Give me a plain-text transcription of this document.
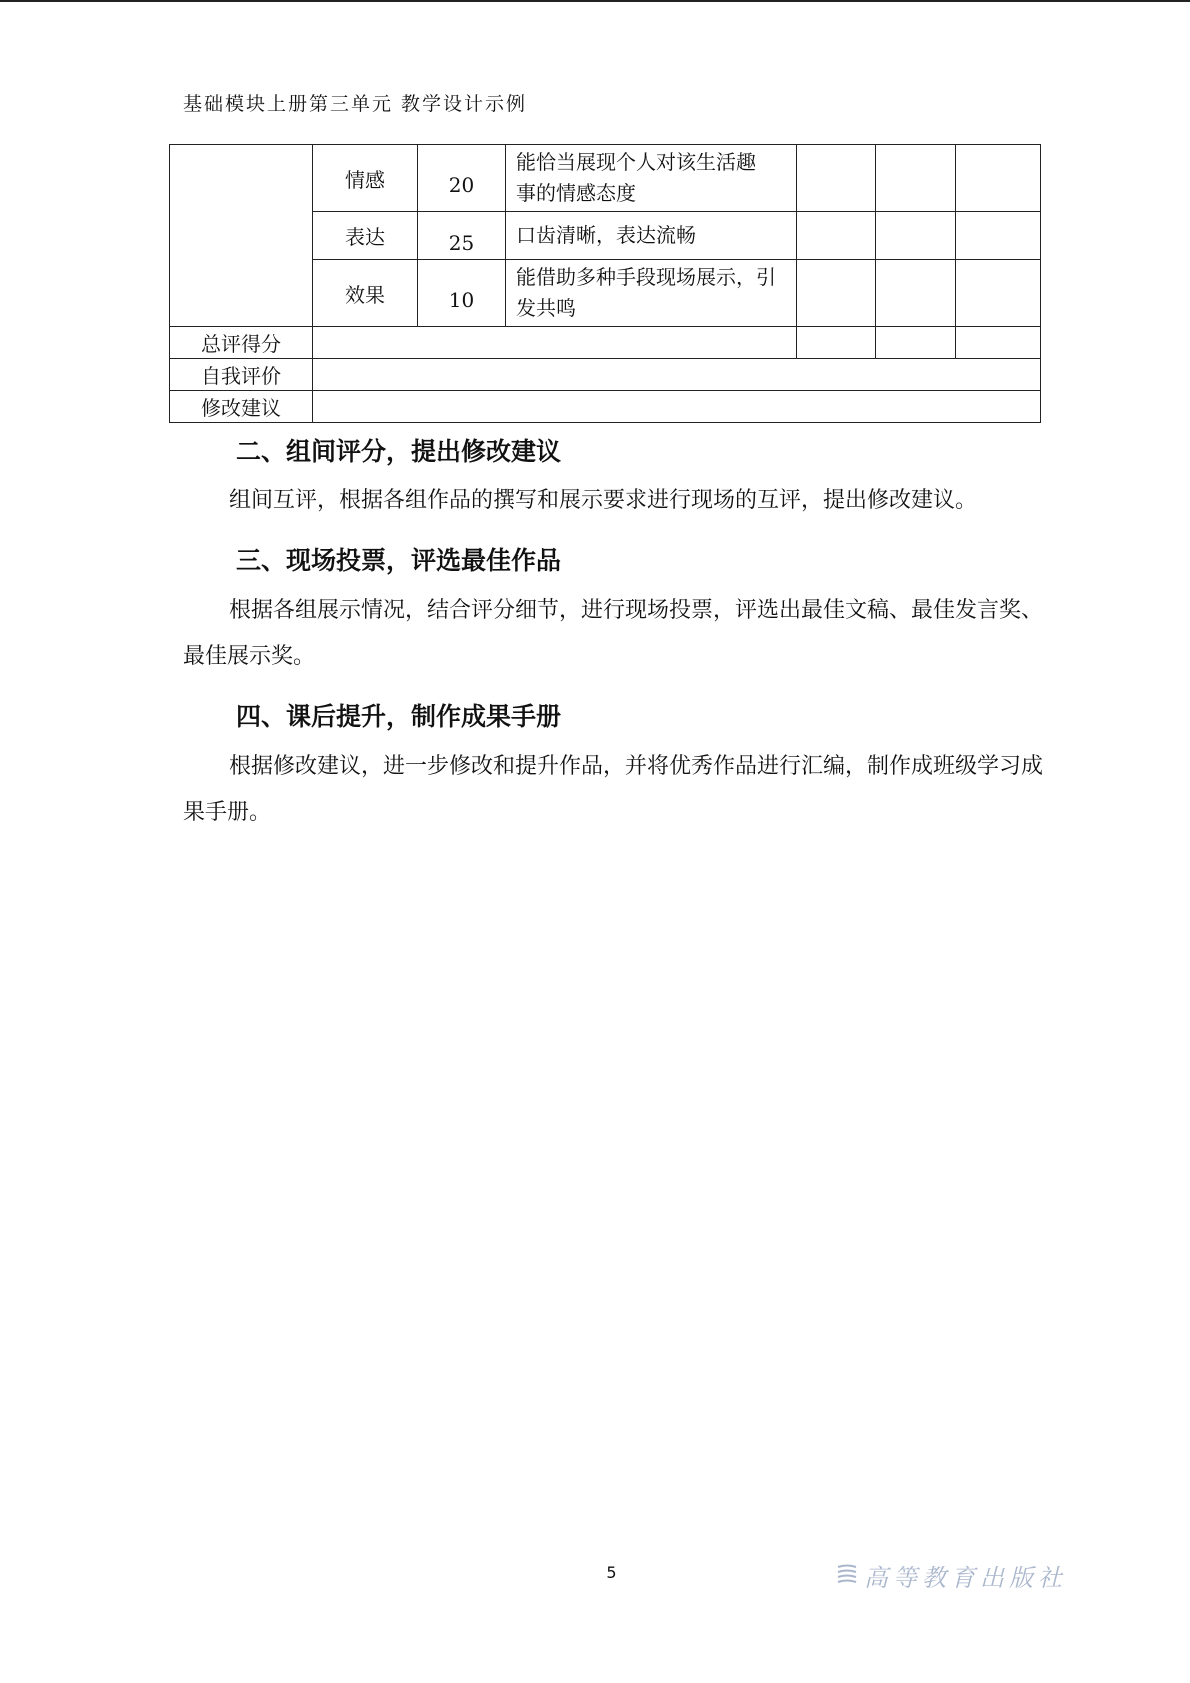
基础模块上册第三单元 教学设计示例
	情感	20	能恰当展现个人对该生活趣
事的情感态度			

	表达	25	口齿清晰，表达流畅			

	效果	10	能借助多种手段现场展示，引
发共鸣			

总评得分						
自我评价						
修改建议						
二、组间评分，提出修改建议

组间互评，根据各组作品的撰写和展示要求进行现场的互评，提出修改建议。

三、现场投票，评选最佳作品

根据各组展示情况，结合评分细节，进行现场投票，评选出最佳文稿、最佳发言奖、最佳展示奖。

四、课后提升，制作成果手册

根据修改建议，进一步修改和提升作品，并将优秀作品进行汇编，制作成班级学习成果手册。

5	高等教育出版社
